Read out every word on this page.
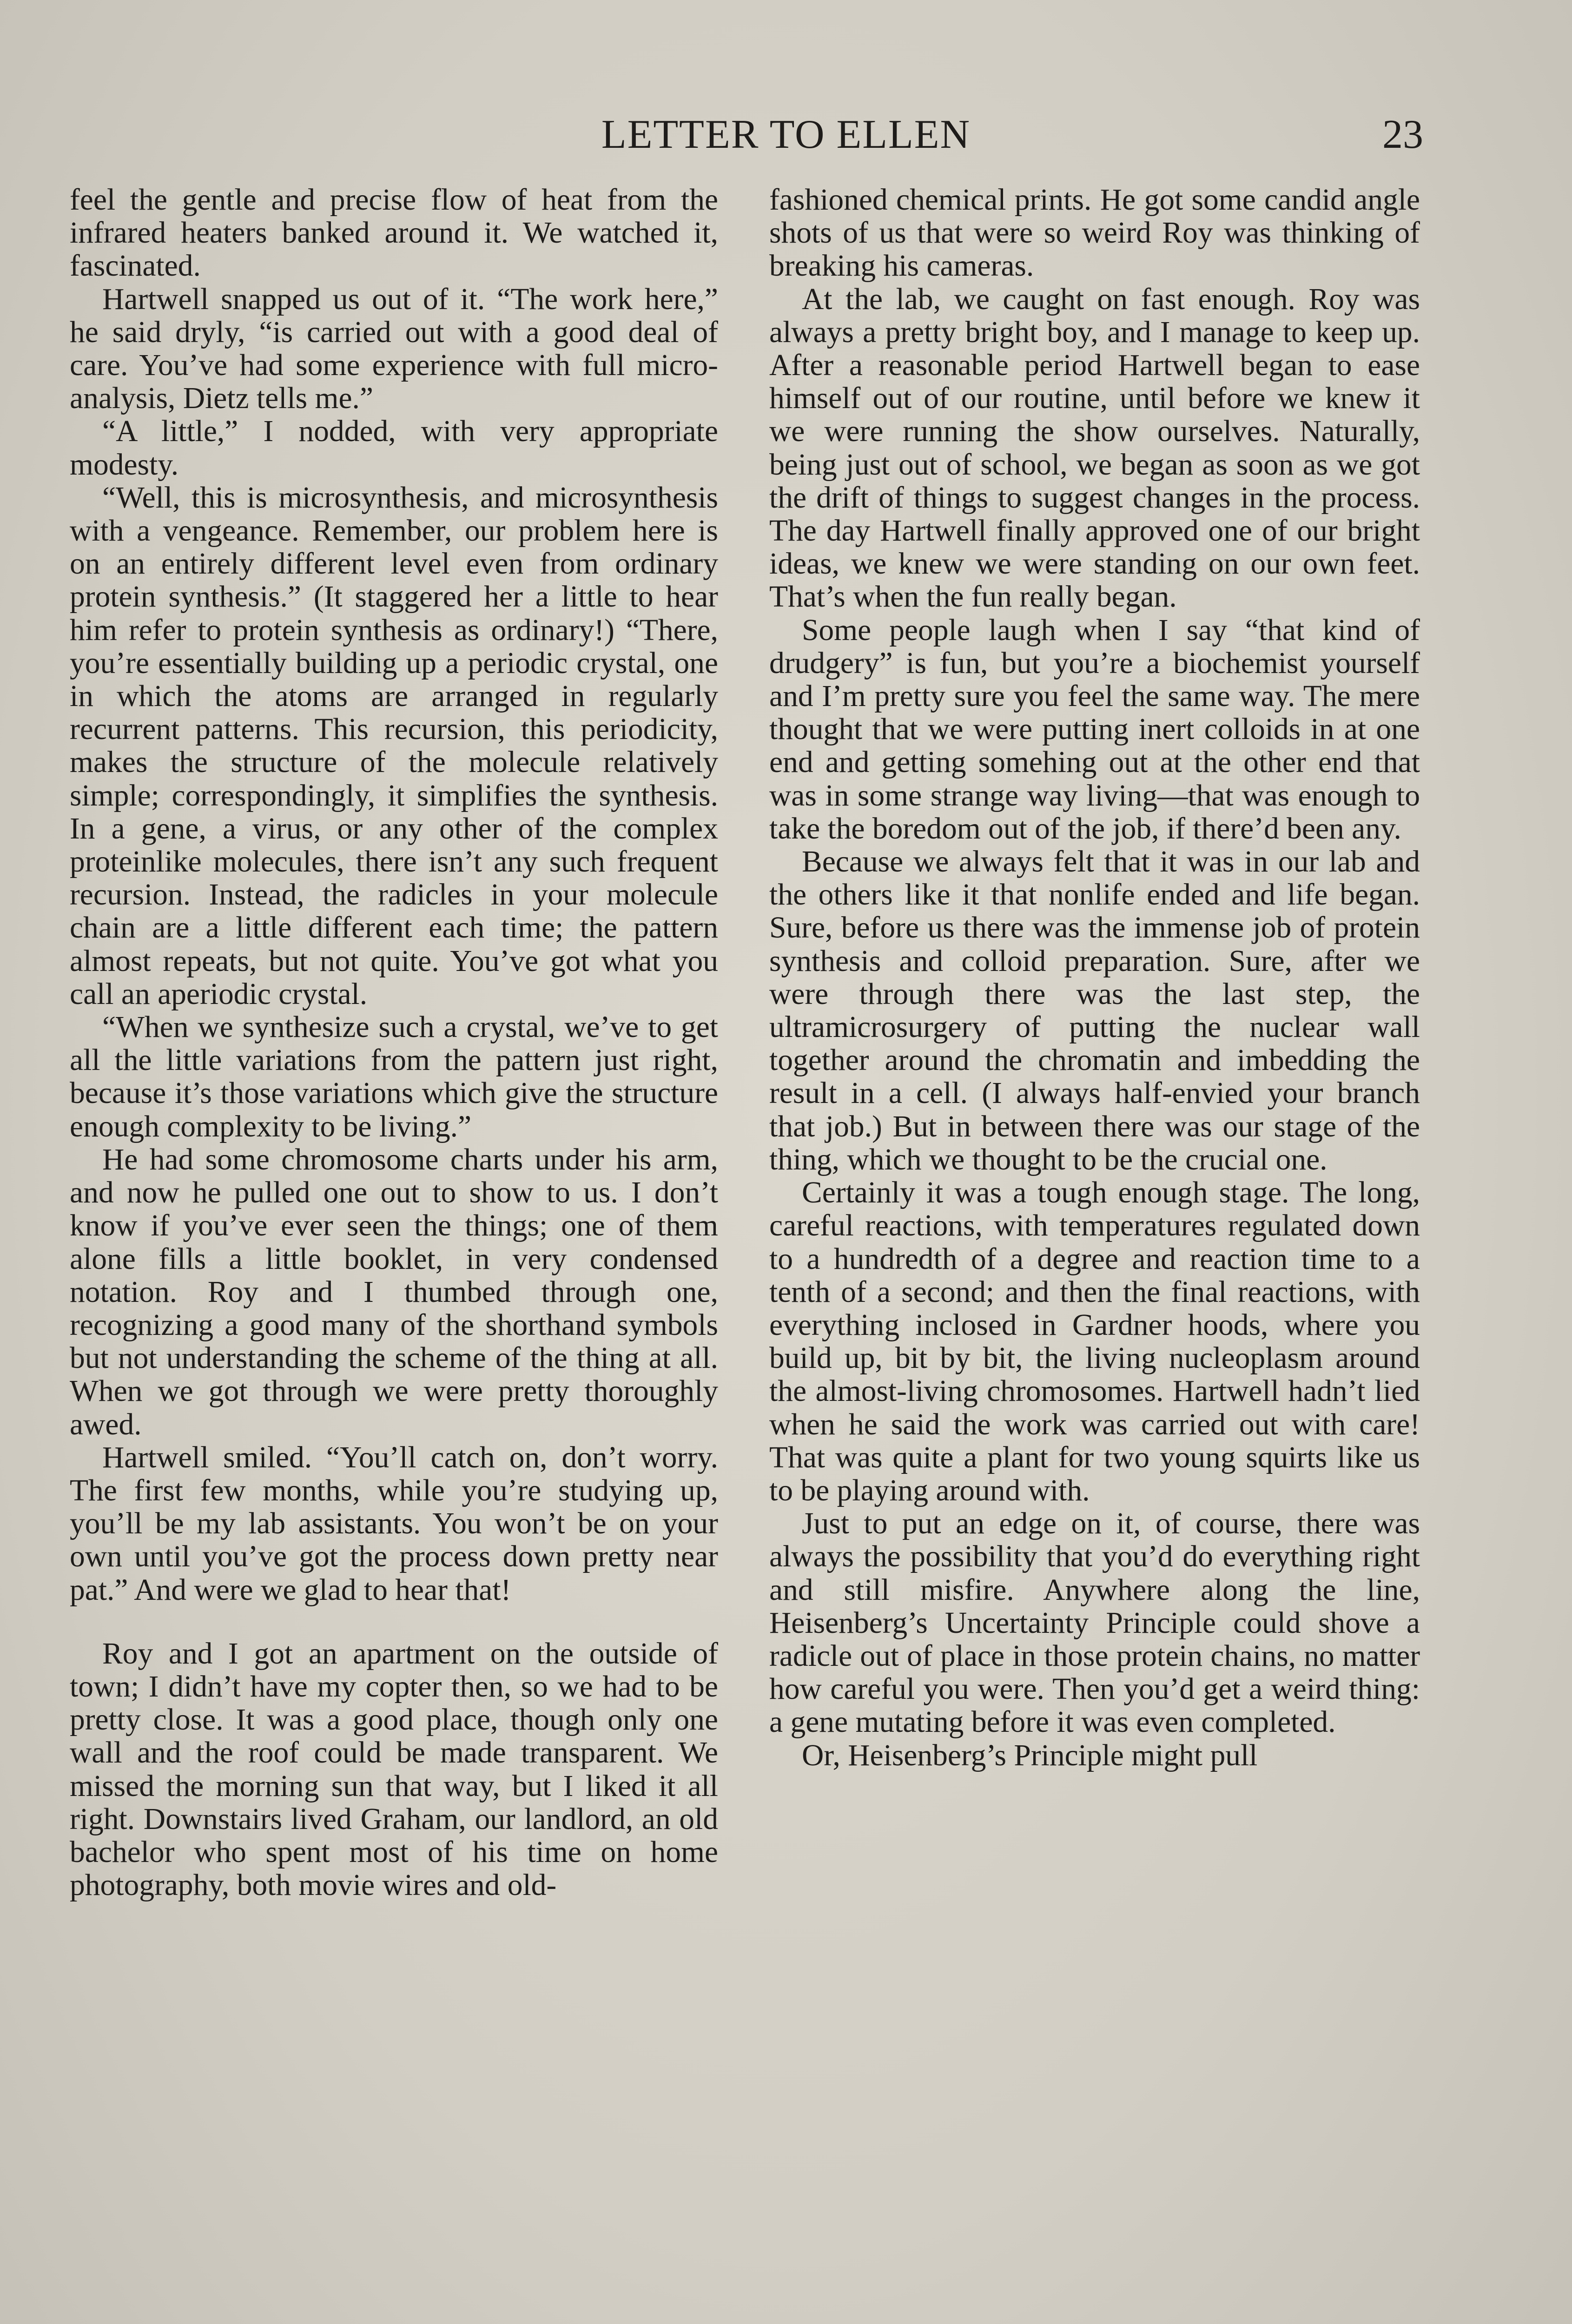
LETTER TO ELLEN	23

feel the gentle and precise flow of heat from the infrared heaters banked around it. We watched it, fascinated.

Hartwell snapped us out of it. “The work here,” he said dryly, “is carried out with a good deal of care. You’ve had some experience with full micro-analysis, Dietz tells me.”

“A little,” I nodded, with very appropriate modesty.

“Well, this is microsynthesis, and microsynthesis with a vengeance. Remember, our problem here is on an entirely different level even from ordinary protein synthesis.” (It staggered her a little to hear him refer to protein synthesis as ordinary!) “There, you’re essentially building up a periodic crystal, one in which the atoms are arranged in regularly recurrent patterns. This recursion, this periodicity, makes the structure of the molecule relatively simple; correspondingly, it simplifies the synthesis. In a gene, a virus, or any other of the complex proteinlike molecules, there isn’t any such frequent recursion. Instead, the radicles in your molecule chain are a little different each time; the pattern almost repeats, but not quite. You’ve got what you call an aperiodic crystal.

“When we synthesize such a crystal, we’ve to get all the little variations from the pattern just right, because it’s those variations which give the structure enough complexity to be living.”

He had some chromosome charts under his arm, and now he pulled one out to show to us. I don’t know if you’ve ever seen the things; one of them alone fills a little booklet, in very condensed notation. Roy and I thumbed through one, recognizing a good many of the shorthand symbols but not understanding the scheme of the thing at all. When we got through we were pretty thoroughly awed.

Hartwell smiled. “You’ll catch on, don’t worry. The first few months, while you’re studying up, you’ll be my lab assistants. You won’t be on your own until you’ve got the process down pretty near pat.” And were we glad to hear that!

Roy and I got an apartment on the outside of town; I didn’t have my copter then, so we had to be pretty close. It was a good place, though only one wall and the roof could be made transparent. We missed the morning sun that way, but I liked it all right. Downstairs lived Graham, our landlord, an old bachelor who spent most of his time on home photography, both movie wires and old-

fashioned chemical prints. He got some candid angle shots of us that were so weird Roy was thinking of breaking his cameras.

At the lab, we caught on fast enough. Roy was always a pretty bright boy, and I manage to keep up. After a reasonable period Hartwell began to ease himself out of our routine, until before we knew it we were running the show ourselves. Naturally, being just out of school, we began as soon as we got the drift of things to suggest changes in the process. The day Hartwell finally approved one of our bright ideas, we knew we were standing on our own feet. That’s when the fun really began.

Some people laugh when I say “that kind of drudgery” is fun, but you’re a biochemist yourself and I’m pretty sure you feel the same way. The mere thought that we were putting inert colloids in at one end and getting somehing out at the other end that was in some strange way living—that was enough to take the boredom out of the job, if there’d been any.

Because we always felt that it was in our lab and the others like it that nonlife ended and life began. Sure, before us there was the immense job of protein synthesis and colloid preparation. Sure, after we were through there was the last step, the ultramicrosurgery of putting the nuclear wall together around the chromatin and imbedding the result in a cell. (I always half-envied your branch that job.) But in between there was our stage of the thing, which we thought to be the crucial one.

Certainly it was a tough enough stage. The long, careful reactions, with temperatures regulated down to a hundredth of a degree and reaction time to a tenth of a second; and then the final reactions, with everything inclosed in Gardner hoods, where you build up, bit by bit, the living nucleoplasm around the almost-living chromosomes. Hartwell hadn’t lied when he said the work was carried out with care! That was quite a plant for two young squirts like us to be playing around with.

Just to put an edge on it, of course, there was always the possibility that you’d do everything right and still misfire. Anywhere along the line, Heisenberg’s Uncertainty Principle could shove a radicle out of place in those protein chains, no matter how careful you were. Then you’d get a weird thing: a gene mutating before it was even completed.

Or, Heisenberg’s Principle might pull
